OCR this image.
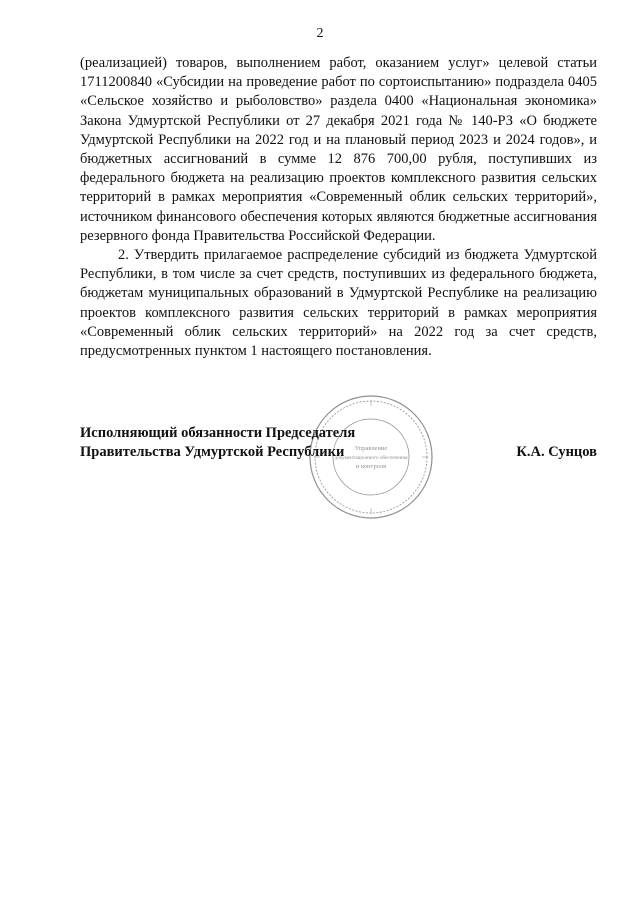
2

(реализацией) товаров, выполнением работ, оказанием услуг» целевой статьи 1711200840 «Субсидии на проведение работ по сортоиспытанию» подраздела 0405 «Сельское хозяйство и рыболовство» раздела 0400 «Национальная экономика» Закона Удмуртской Республики от 27 декабря 2021 года № 140-РЗ «О бюджете Удмуртской Республики на 2022 год и на плановый период 2023 и 2024 годов», и бюджетных ассигнований в сумме 12 876 700,00 рубля, поступивших из федерального бюджета на реализацию проектов комплексного развития сельских территорий в рамках мероприятия «Современный облик сельских территорий», источником финансового обеспечения которых являются бюджетные ассигнования резервного фонда Правительства Российской Федерации.

2. Утвердить прилагаемое распределение субсидий из бюджета Удмуртской Республики, в том числе за счет средств, поступивших из федерального бюджета, бюджетам муниципальных образований в Удмуртской Республике на реализацию проектов комплексного развития сельских территорий в рамках мероприятия «Современный облик сельских территорий» на 2022 год за счет средств, предусмотренных пунктом 1 настоящего постановления.

Управление
документационного обеспечения
и контроля
Исполняющий обязанности Председателя
Правительства Удмуртской Республики	К.А. Сунцов
